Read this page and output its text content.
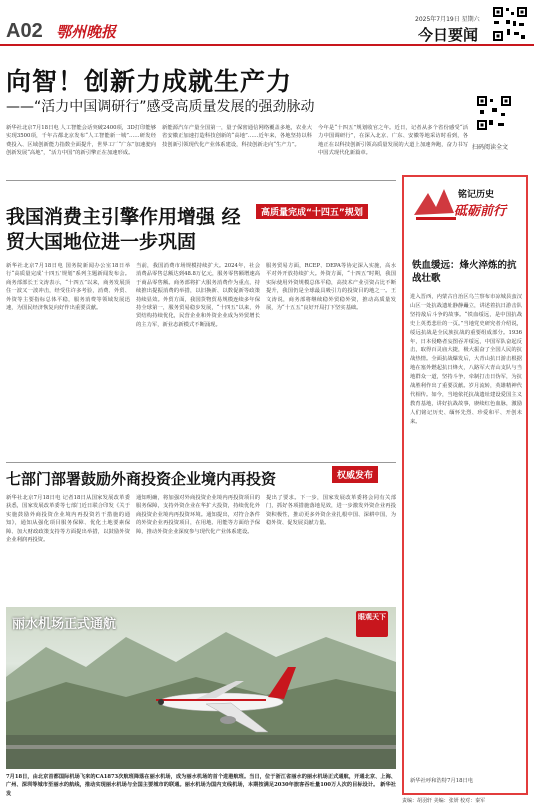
A02 鄂州晚报
2025年7月19日 星期六
今日要闻
向智！创新力成就生产力
——“活力中国调研行”感受高质量发展的强劲脉动
新华社北京7月18日电 人工智能会话突破2400项，3D打印能够实现3500项，千年古都北京发布“人工智能新一城”……研发经费投入、区域创新能力指数全面提升，世界工厂“广东”加速驶向创新发展“高地”，“活力中国”的新引擎正在加速形成。
新能源汽车产量全国第一，量子保密通信网络覆盖多地，农业大省安徽正加速打造科技创新的“高地”……近年来，各地坚持以科技创新引领现代化产业体系建设，科技创新走向“生产力”。
今年是“十四五”规划收官之年。近日，记者从多个省份感受“活力中国调研行”，在深入北京、广东、安徽等地采访时看到，各地正在以科技创新引领高质量发展的大道上加速奔跑，奋力书写中国式现代化新篇章。
扫码阅读全文
我国消费主引擎作用增强 经贸大国地位进一步巩固
高质量完成“十四五”规划
新华社北京7月18日电 国务院新闻办公室18日举行“高质量完成‘十四五’规划”系列主题新闻发布会。商务部部长王文涛表示，“十四五”以来，商务发展顶住一波又一波冲击，经受住许多考验，消费、外贸、外资等主要指标总体平稳，服务消费等领域发展迅速，为国民经济恢复向好作出重要贡献。
当前，我国消费市场规模持续扩大。2024年，社会消费品零售总额达到48.8万亿元，服务零售额增速高于商品零售额。商务部将扩大服务消费作为重点，持续推出提振消费的举措，以旧换新、以数促新等政策持续显效。外贸方面，我国货物贸易规模连续多年保持全球第一，服务贸易稳步发展，“十四五”以来，外贸结构持续优化，民营企业和外资企业成为外贸增长的主力军，新业态新模式不断涌现。
服务贸易方面，RCEP、DEPA等协定深入实施，高水平对外开放持续扩大。外资方面，“十四五”时期，我国实际使用外资规模总体平稳，高技术产业引资占比不断提升，我国仍是全球最具吸引力的投资目的地之一。王文涛说，商务部将继续稳外贸稳外资，推动高质量发展，为“十五五”良好开局打下坚实基础。
七部门部署鼓励外商投资企业境内再投资	权威发布
新华社北京7月18日电 记者18日从国家发展改革委获悉，国家发展改革委等七部门近日联合印发《关于实施鼓励外商投资企业境内再投资若干措施的通知》，通知从强化项目服务保障、优化土地要素保障、加大财政政策支持等方面提出举措，以鼓励外资企业利润再投资。
通知明确，将加强对外商投资企业境内再投资项目的服务保障，支持外资企业在华扩大投资，持续优化外商投资企业境内再投资环境。通知提出，对符合条件的外资企业再投资项目，在用地、用能等方面给予保障，推动外资企业深度参与现代化产业体系建设。
提出了要求。下一步，国家发展改革委将会同有关部门，抓好各项措施落地见效，进一步激发外资企业再投资积极性，推动更多外资企业扎根中国、深耕中国，为稳外资、促发展贡献力量。
丽水机场正式通航	眼观天下
7月18日，由北京首都国际机场飞来的CA1873次航班降落在丽水机场，成为丽水机场的首个进港航班。当日，位于浙江省丽水的丽水机场正式通航，开通北京、上海、广州、深圳等城市至丽水的航线，推动实现丽水机场与全国主要城市的联通。丽水机场为国内支线机场，本期按满足2030年旅客吞吐量100万人次的目标设计。 新华社发
铭记历史
砥砺前行
铁血缓远：烽火淬炼的抗战壮歌
进入晋西，内蒙古自治区乌兰察布市凉城县蛮汉山区一处抗战遗址静静矗立，讲述着抗日游击队坚持敌后斗争的故事。“铁血绥远，是中国抗战史上英勇悲壮的一页。”当地党史研究者介绍说，绥远抗战是全民族抗战的重要组成部分。1936年，日本侵略者妄图吞并绥远，中国军队奋起反击，取得百灵庙大捷，极大振奋了全国人民的抗战热情。全面抗战爆发后，大青山抗日游击根据地在塞外燃起抗日烽火，八路军大青山支队与当地群众一道，坚持斗争，牵制打击日伪军，为抗战胜利作出了重要贡献。岁月流转，英雄精神代代相传。如今，当地依托抗战遗址建设爱国主义教育基地，讲好抗战故事，赓续红色血脉，激励人们铭记历史、缅怀先烈、珍爱和平、开创未来。
新华社呼和浩特7月18日电
责编：胡羽轩 美编：张妍 校对：秦军
